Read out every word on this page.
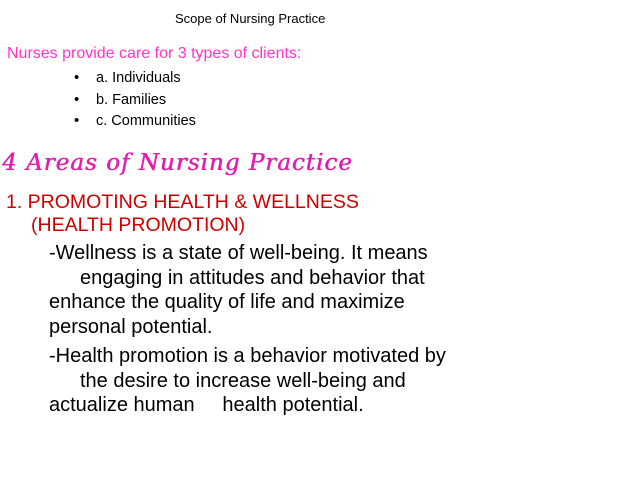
Scope of Nursing Practice
Nurses provide care for 3 types of clients:
• a. Individuals
• b. Families
• c. Communities
4 Areas of Nursing Practice
1. PROMOTING HEALTH & WELLNESS
(HEALTH PROMOTION)
-Wellness is a state of well-being. It means
engaging in attitudes and behavior that
enhance the quality of life and maximize
personal potential.
-Health promotion is a behavior motivated by
the desire to increase well-being and
actualize human     health potential.
